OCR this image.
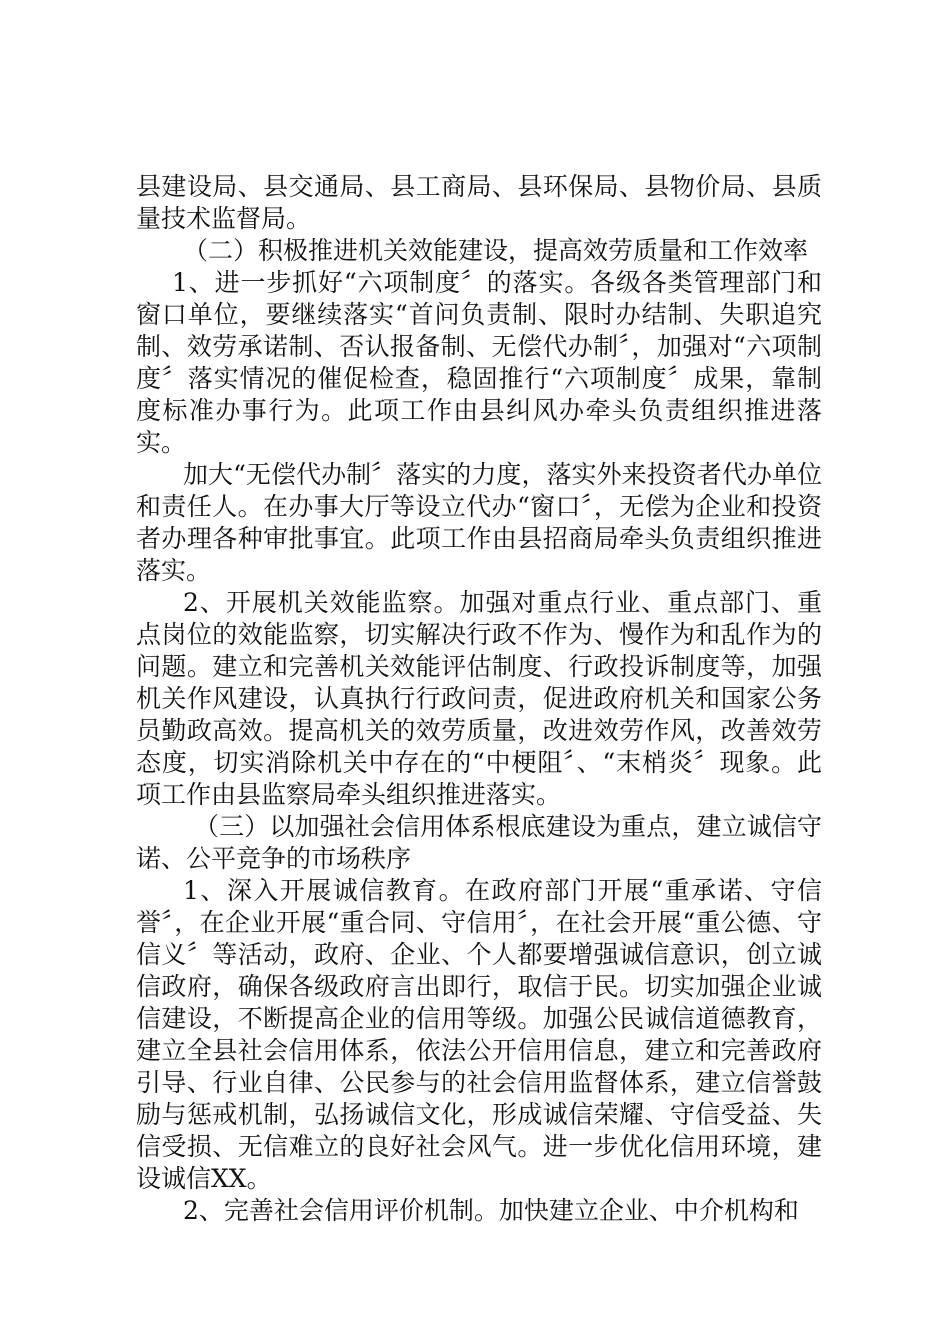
县建设局、县交通局、县工商局、县环保局、县物价局、县质量技术监督局。

（二）积极推进机关效能建设，提高效劳质量和工作效率

1、进一步抓好“六项制度〞的落实。各级各类管理部门和窗口单位，要继续落实“首问负责制、限时办结制、失职追究制、效劳承诺制、否认报备制、无偿代办制〞，加强对“六项制度〞落实情况的催促检查，稳固推行“六项制度〞成果，靠制度标准办事行为。此项工作由县纠风办牵头负责组织推进落实。

加大“无偿代办制〞落实的力度，落实外来投资者代办单位和责任人。在办事大厅等设立代办“窗口〞，无偿为企业和投资者办理各种审批事宜。此项工作由县招商局牵头负责组织推进落实。

2、开展机关效能监察。加强对重点行业、重点部门、重点岗位的效能监察，切实解决行政不作为、慢作为和乱作为的问题。建立和完善机关效能评估制度、行政投诉制度等，加强机关作风建设，认真执行行政问责，促进政府机关和国家公务员勤政高效。提高机关的效劳质量，改进效劳作风，改善效劳态度，切实消除机关中存在的“中梗阻〞、“末梢炎〞现象。此项工作由县监察局牵头组织推进落实。

（三）以加强社会信用体系根底建设为重点，建立诚信守诺、公平竞争的市场秩序

1、深入开展诚信教育。在政府部门开展“重承诺、守信誉〞，在企业开展“重合同、守信用〞，在社会开展“重公德、守信义〞等活动，政府、企业、个人都要增强诚信意识，创立诚信政府，确保各级政府言出即行，取信于民。切实加强企业诚信建设，不断提高企业的信用等级。加强公民诚信道德教育，建立全县社会信用体系，依法公开信用信息，建立和完善政府引导、行业自律、公民参与的社会信用监督体系，建立信誉鼓励与惩戒机制，弘扬诚信文化，形成诚信荣耀、守信受益、失信受损、无信难立的良好社会风气。进一步优化信用环境，建设诚信XX。

2、完善社会信用评价机制。加快建立企业、中介机构和
